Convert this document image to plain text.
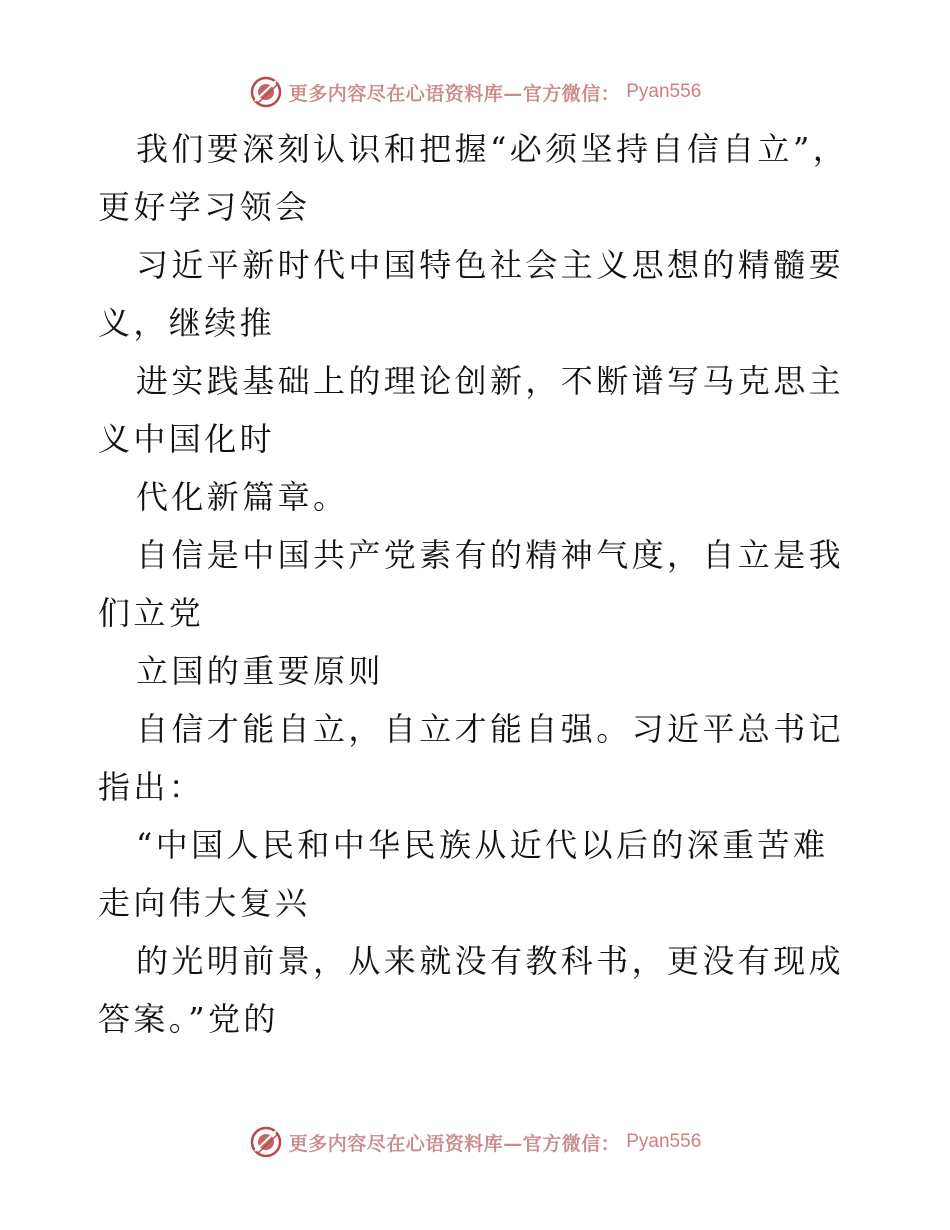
更多内容尽在心语资料库—官方微信： Pyan556

我们要深刻认识和把握“必须坚持自信自立”，更好学习领会

习近平新时代中国特色社会主义思想的精髓要义，继续推

进实践基础上的理论创新，不断谱写马克思主义中国化时

代化新篇章。

自信是中国共产党素有的精神气度，自立是我们立党

立国的重要原则

自信才能自立，自立才能自强。习近平总书记指出：

“中国人民和中华民族从近代以后的深重苦难走向伟大复兴

的光明前景，从来就没有教科书，更没有现成答案。”党的

更多内容尽在心语资料库—官方微信： Pyan556
